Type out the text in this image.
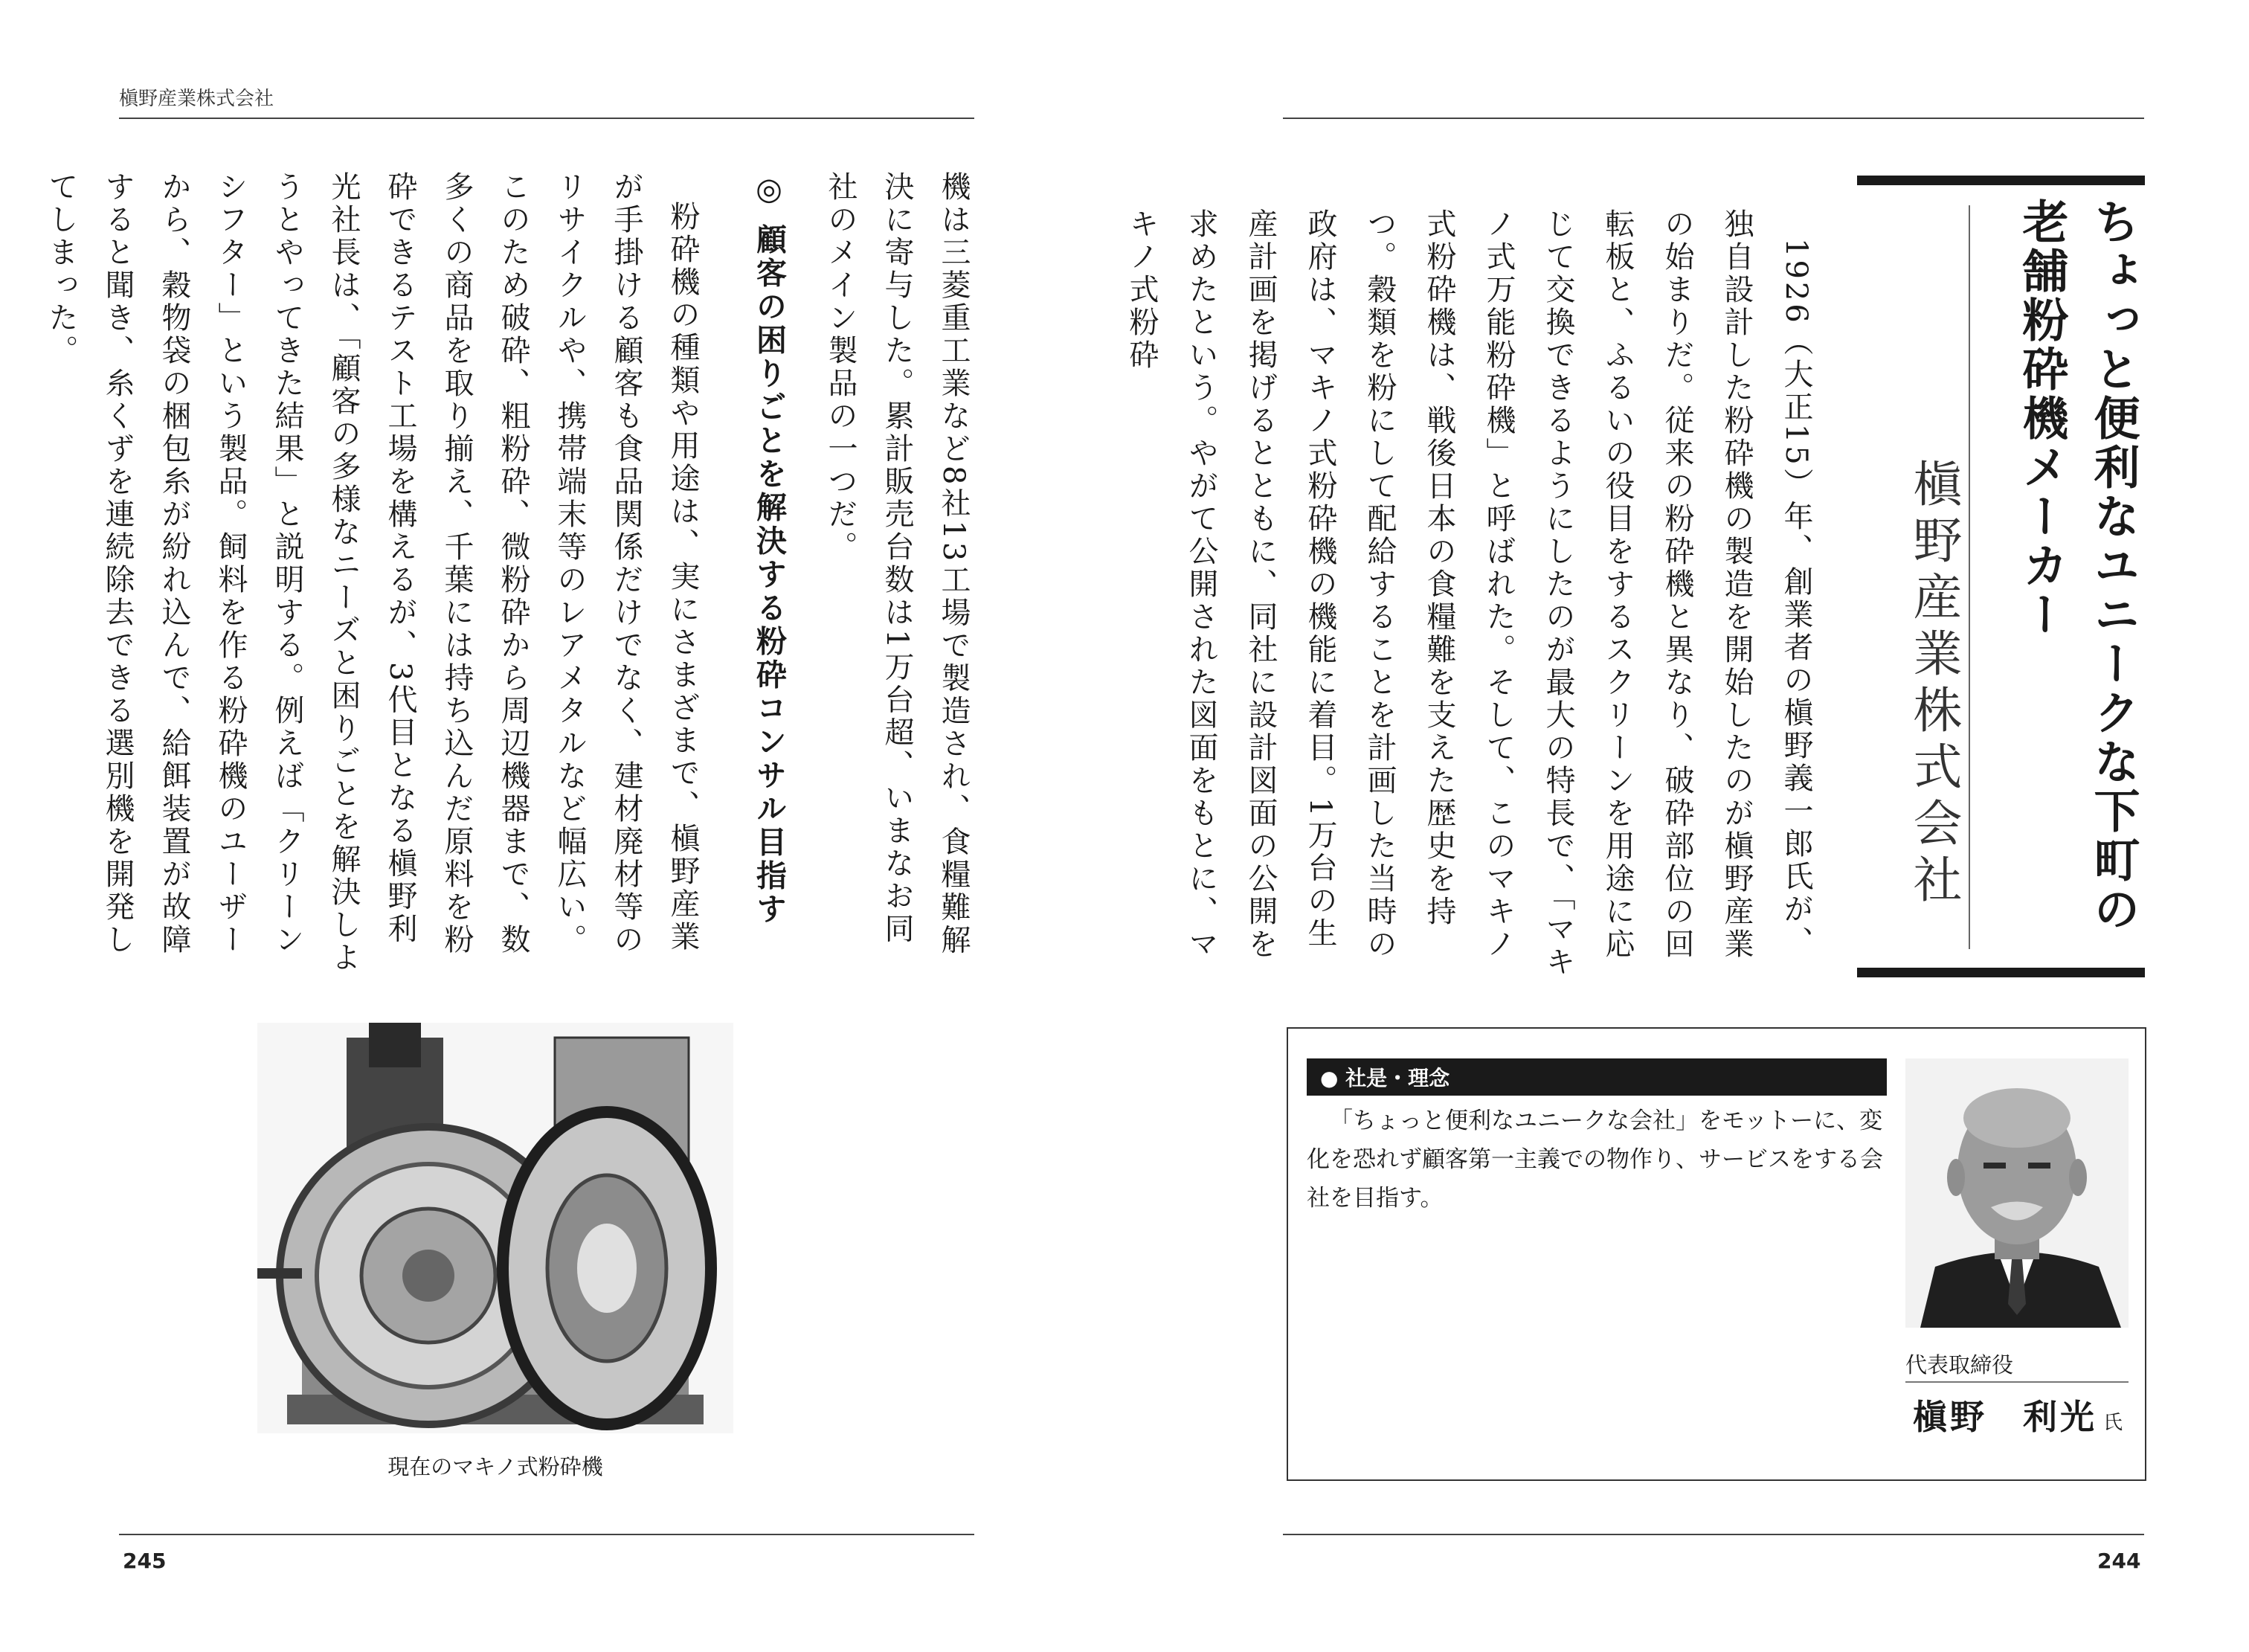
槇野産業株式会社

機は三菱重工業など8社13工場で製造され、食糧難解決に寄与した。累計販売台数は1万台超、いまなお同社のメイン製品の一つだ。

◎ 顧客の困りごとを解決する粉砕コンサル目指す

粉砕機の種類や用途は、実にさまざまで、槇野産業が手掛ける顧客も食品関係だけでなく、建材廃材等のリサイクルや、携帯端末等のレアメタルなど幅広い。このため破砕、粗粉砕、微粉砕から周辺機器まで、数多くの商品を取り揃え、千葉には持ち込んだ原料を粉砕できるテスト工場を構えるが、3代目となる槇野利光社長は、「顧客の多様なニーズと困りごとを解決しようとやってきた結果」と説明する。例えば「クリーンシフター」という製品。飼料を作る粉砕機のユーザーから、穀物袋の梱包糸が紛れ込んで、給餌装置が故障すると聞き、糸くずを連続除去できる選別機を開発してしまった。

現在のマキノ式粉砕機
245
ちょっと便利なユニークな下町の
老舗粉砕機メーカー
槇野産業株式会社

1926（大正15）年、創業者の槇野義一郎氏が、独自設計した粉砕機の製造を開始したのが槇野産業の始まりだ。従来の粉砕機と異なり、破砕部位の回転板と、ふるいの役目をするスクリーンを用途に応じて交換できるようにしたのが最大の特長で、「マキノ式万能粉砕機」と呼ばれた。そして、このマキノ式粉砕機は、戦後日本の食糧難を支えた歴史を持つ。穀類を粉にして配給することを計画した当時の政府は、マキノ式粉砕機の機能に着目。1万台の生産計画を掲げるとともに、同社に設計図面の公開を求めたという。やがて公開された図面をもとに、マキノ式粉砕

● 社是・理念
「ちょっと便利なユニークな会社」をモットーに、変化を恐れず顧客第一主義での物作り、サービスをする会社を目指す。
代表取締役
槇野 利光 氏
244
